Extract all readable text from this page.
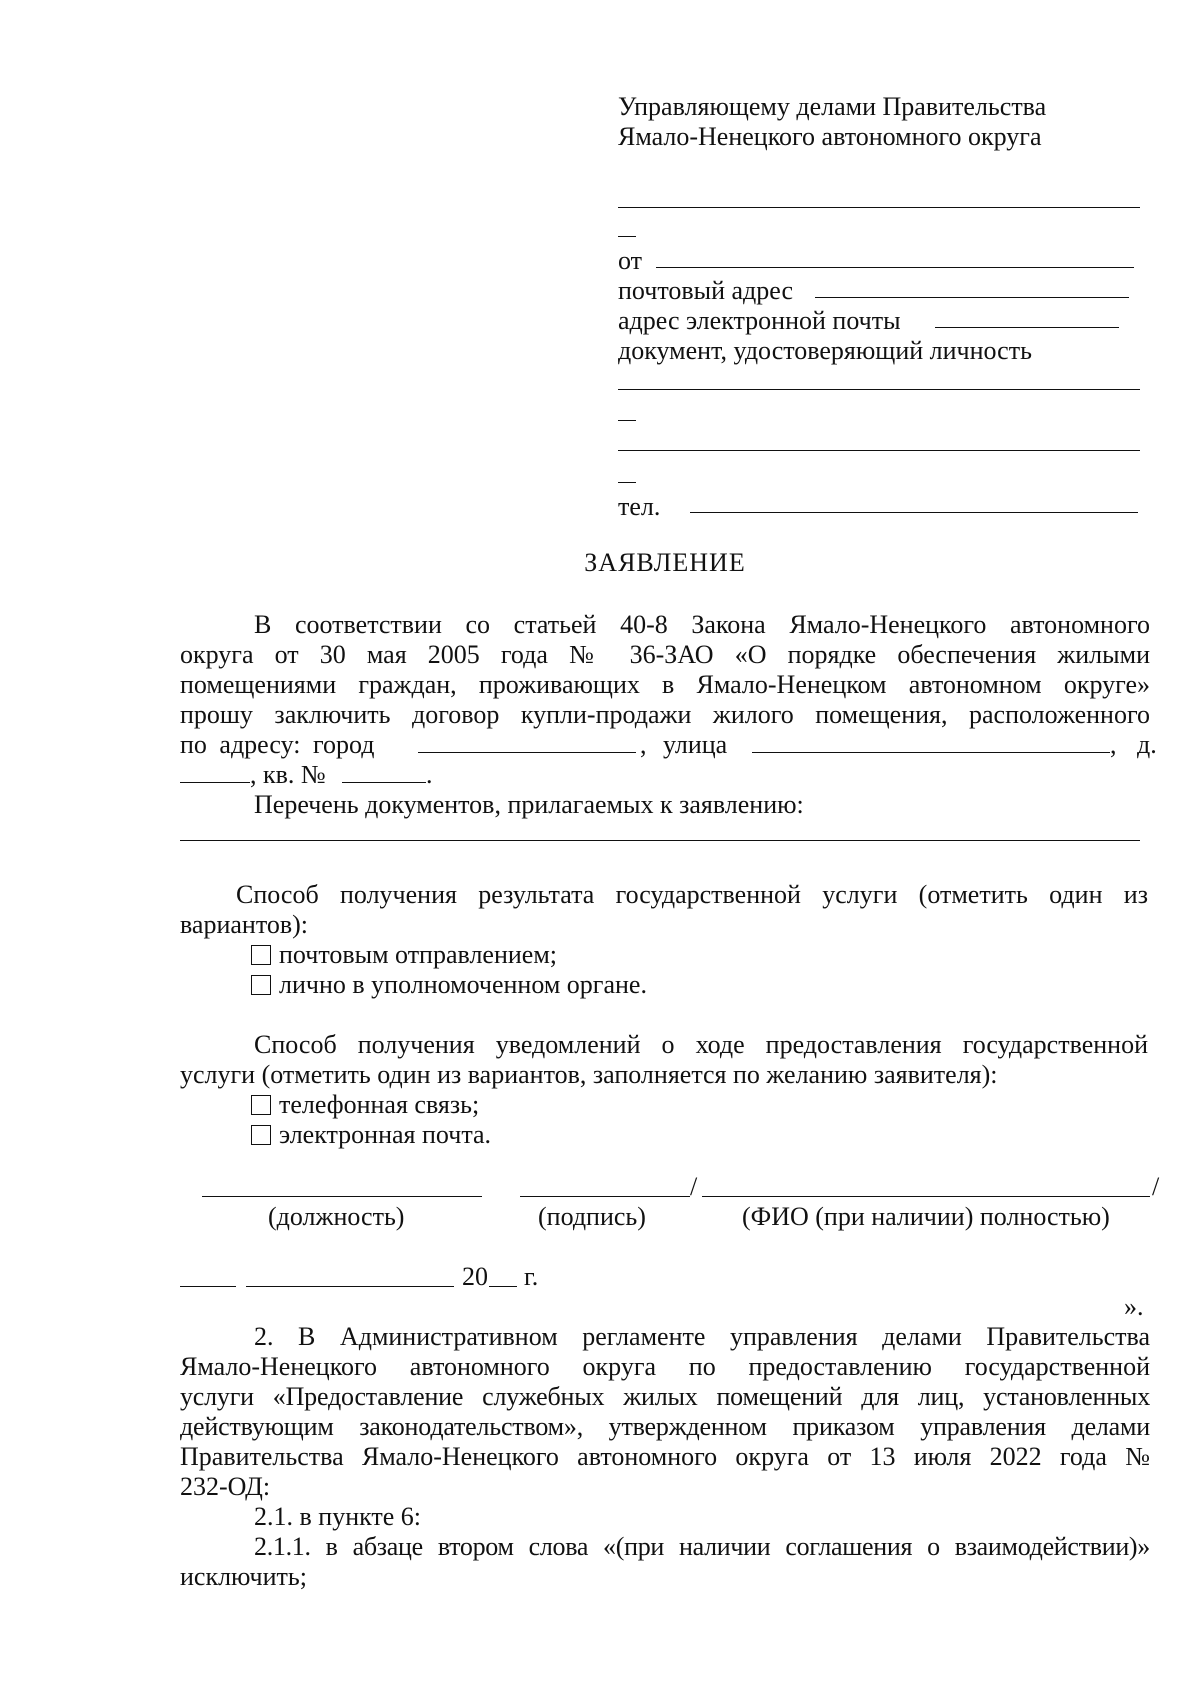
Управляющему делами Правительства
Ямало-Ненецкого автономного округа
от
почтовый адрес
адрес электронной почты
документ, удостоверяющий личность
тел.
ЗАЯВЛЕНИЕ
В соответствии со статьей 40-8 Закона Ямало-Ненецкого автономного
округа от 30 мая 2005 года № 36-ЗАО «О порядке обеспечения жилыми
помещениями граждан, проживающих в Ямало-Ненецком автономном округе»
прошу заключить договор купли-продажи жилого помещения, расположенного
по адресу: город	, улица	, д.
, кв. №	.
Перечень документов, прилагаемых к заявлению:
Способ получения результата государственной услуги (отметить один из
вариантов):
почтовым отправлением;
лично в уполномоченном органе.
Способ получения уведомлений о ходе предоставления государственной
услуги (отметить один из вариантов, заполняется по желанию заявителя):
телефонная связь;
электронная почта.
/	/
(должность)	(подпись)	(ФИО (при наличии) полностью)
20 г.
».
2. В Административном регламенте управления делами Правительства
Ямало-Ненецкого автономного округа по предоставлению государственной
услуги «Предоставление служебных жилых помещений для лиц, установленных
действующим законодательством», утвержденном приказом управления делами
Правительства Ямало-Ненецкого автономного округа от 13 июля 2022 года №
232-ОД:
2.1. в пункте 6:
2.1.1. в абзаце втором слова «(при наличии соглашения о взаимодействии)»
исключить;
